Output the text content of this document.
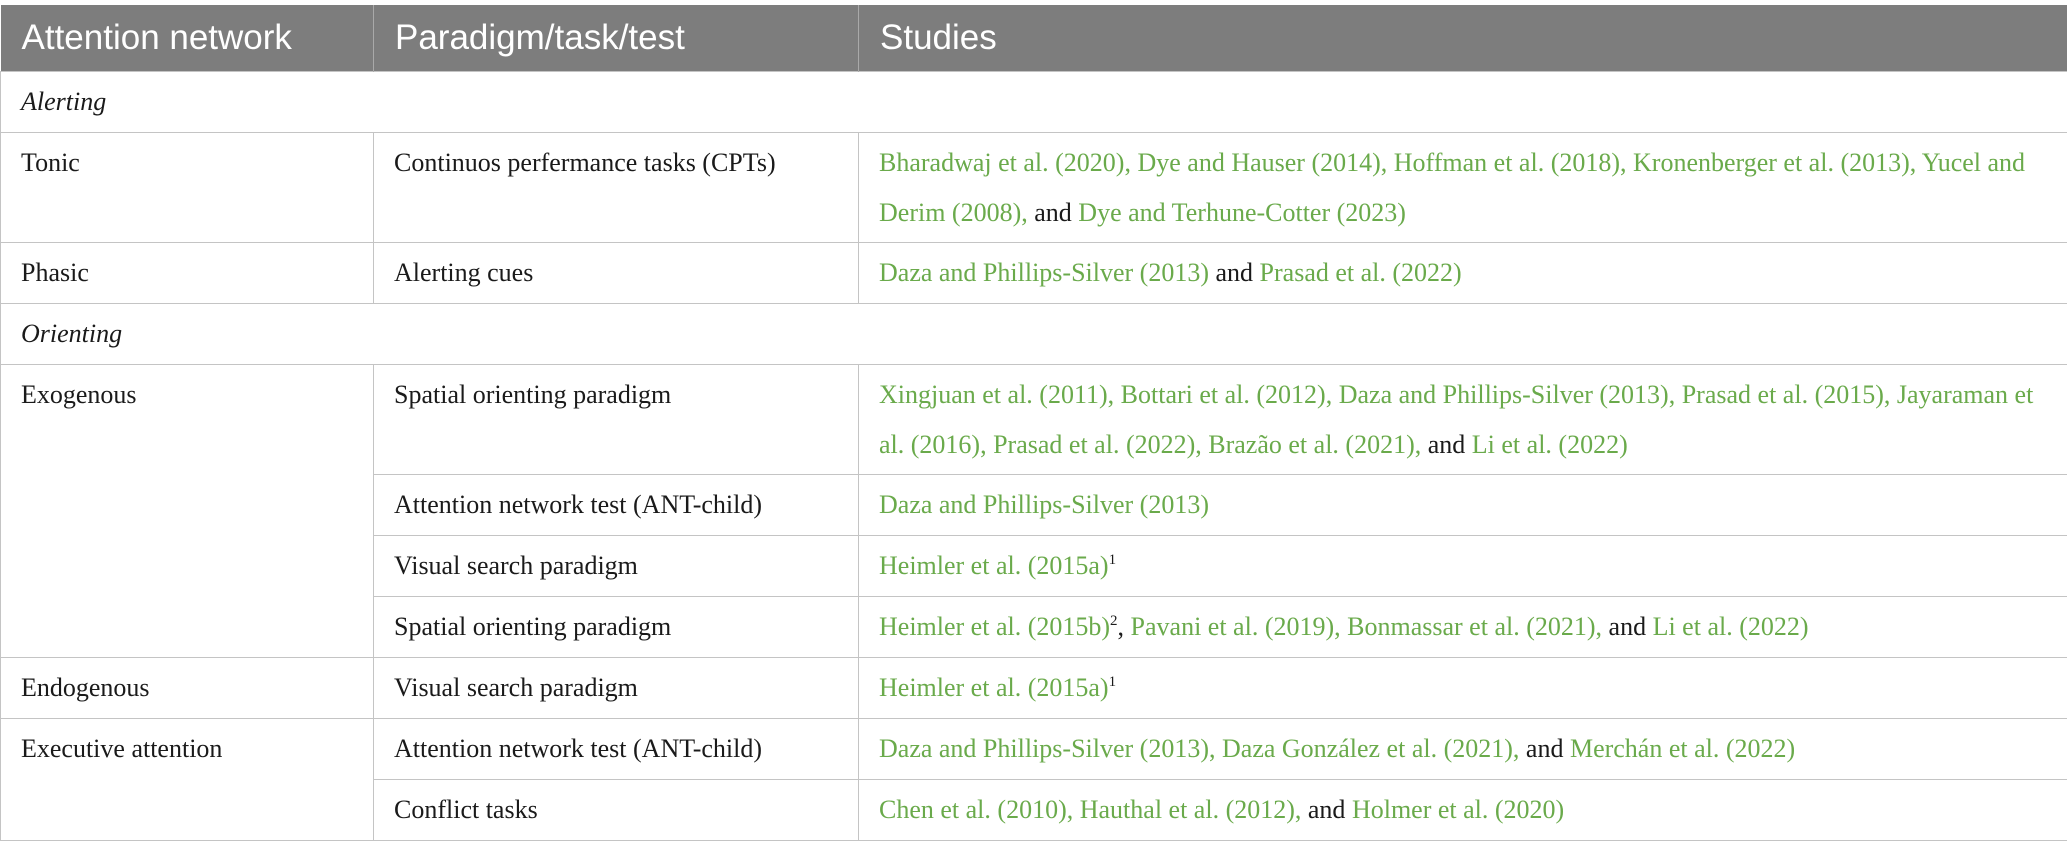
Attention network	Paradigm/task/test	Studies
Alerting		
Tonic	Continuos perfermance tasks (CPTs)	Bharadwaj et al. (2020), Dye and Hauser (2014), Hoffman et al. (2018), Kronenberger et al. (2013), Yucel and Derim (2008), and Dye and Terhune-Cotter (2023)
Phasic	Alerting cues	Daza and Phillips-Silver (2013) and Prasad et al. (2022)
Orienting		
Exogenous	Spatial orienting paradigm	Xingjuan et al. (2011), Bottari et al. (2012), Daza and Phillips-Silver (2013), Prasad et al. (2015), Jayaraman et al. (2016), Prasad et al. (2022), Brazão et al. (2021), and Li et al. (2022)
	Attention network test (ANT-child)	Daza and Phillips-Silver (2013)
	Visual search paradigm	Heimler et al. $(2015a)^1$
	Spatial orienting paradigm	Heimler et al. $(2015b)^2$, Pavani et al. (2019), Bonmassar et al. (2021), and Li et al. (2022)
Endogenous	Visual search paradigm	Heimler et al. $(2015a)^1$
Executive attention	Attention network test (ANT-child)	Daza and Phillips-Silver (2013), Daza González et al. (2021), and Merchán et al. (2022)
	Conflict tasks	Chen et al. (2010), Hauthal et al. (2012), and Holmer et al. (2020)
